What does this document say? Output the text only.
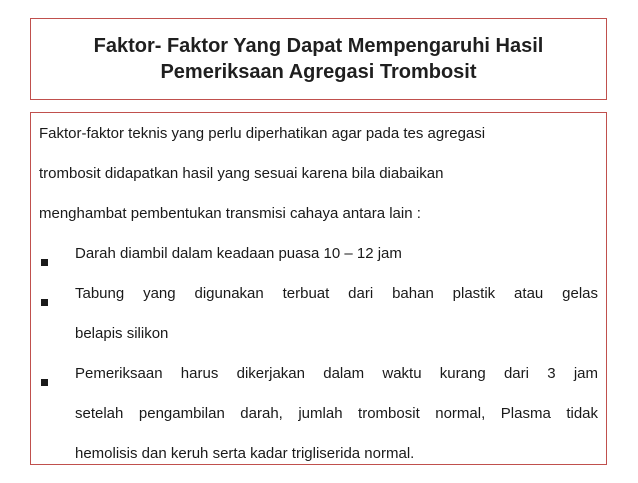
Faktor- Faktor Yang Dapat Mempengaruhi Hasil
Pemeriksaan Agregasi Trombosit
Faktor-faktor teknis yang perlu diperhatikan agar pada tes agregasi
trombosit didapatkan hasil yang sesuai karena bila diabaikan
menghambat pembentukan transmisi cahaya antara lain :
Darah diambil dalam keadaan puasa 10 – 12 jam
Tabung yang digunakan terbuat dari bahan plastik atau gelas
belapis silikon
Pemeriksaan harus dikerjakan dalam waktu kurang dari 3 jam
setelah pengambilan darah, jumlah trombosit normal, Plasma tidak
hemolisis dan keruh serta kadar trigliserida normal.
